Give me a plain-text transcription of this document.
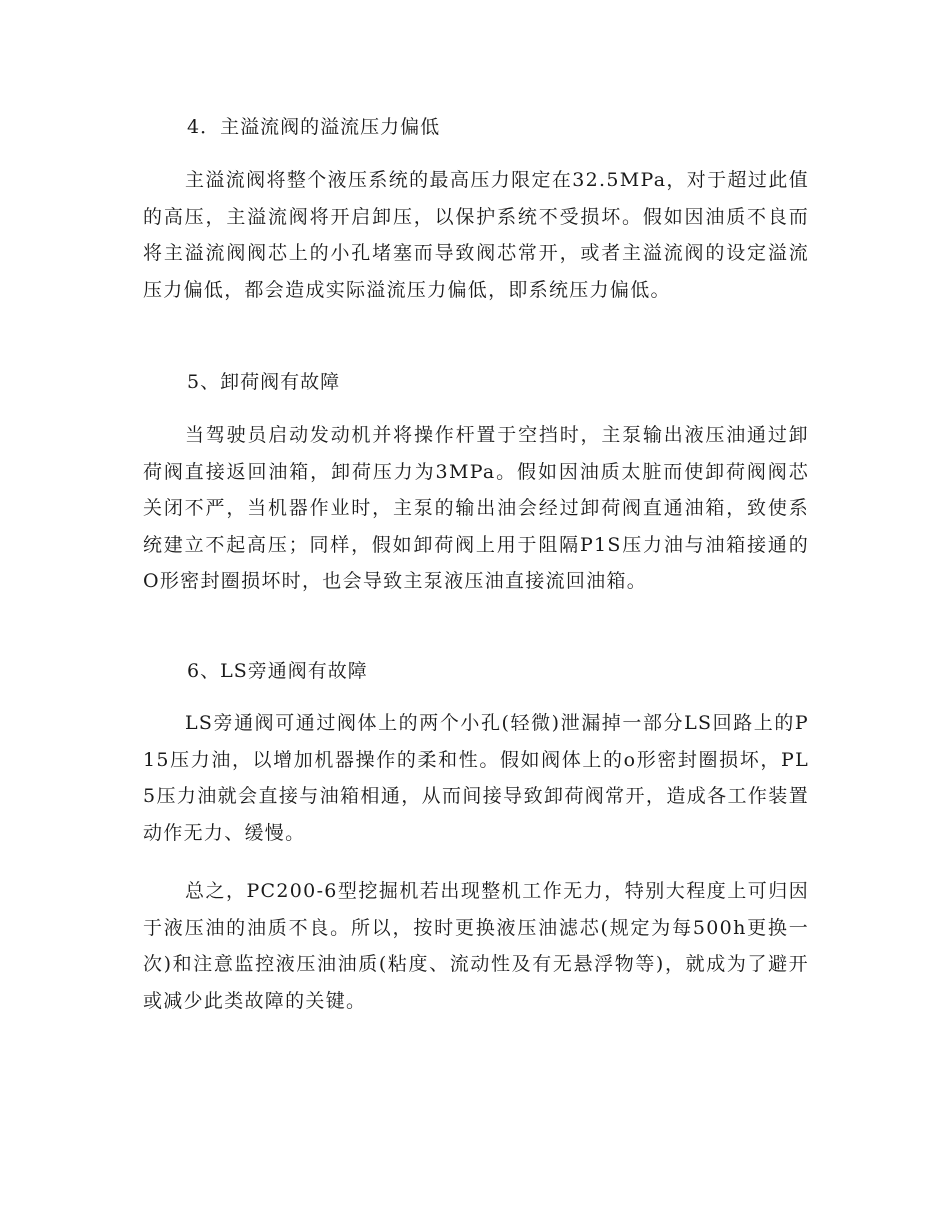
4．主溢流阀的溢流压力偏低

主溢流阀将整个液压系统的最高压力限定在32.5MPa，对于超过此值的高压，主溢流阀将开启卸压，以保护系统不受损坏。假如因油质不良而将主溢流阀阀芯上的小孔堵塞而导致阀芯常开，或者主溢流阀的设定溢流压力偏低，都会造成实际溢流压力偏低，即系统压力偏低。

5、卸荷阀有故障

当驾驶员启动发动机并将操作杆置于空挡时，主泵输出液压油通过卸荷阀直接返回油箱，卸荷压力为3MPa。假如因油质太脏而使卸荷阀阀芯关闭不严，当机器作业时，主泵的输出油会经过卸荷阀直通油箱，致使系统建立不起高压；同样，假如卸荷阀上用于阻隔P1S压力油与油箱接通的O形密封圈损坏时，也会导致主泵液压油直接流回油箱。

6、LS旁通阀有故障

LS旁通阀可通过阀体上的两个小孔(轻微)泄漏掉一部分LS回路上的P15压力油，以增加机器操作的柔和性。假如阀体上的o形密封圈损坏，PL5压力油就会直接与油箱相通，从而间接导致卸荷阀常开，造成各工作装置动作无力、缓慢。

总之，PC200-6型挖掘机若出现整机工作无力，特别大程度上可归因于液压油的油质不良。所以，按时更换液压油滤芯(规定为每500h更换一次)和注意监控液压油油质(粘度、流动性及有无悬浮物等)，就成为了避开或减少此类故障的关键。
